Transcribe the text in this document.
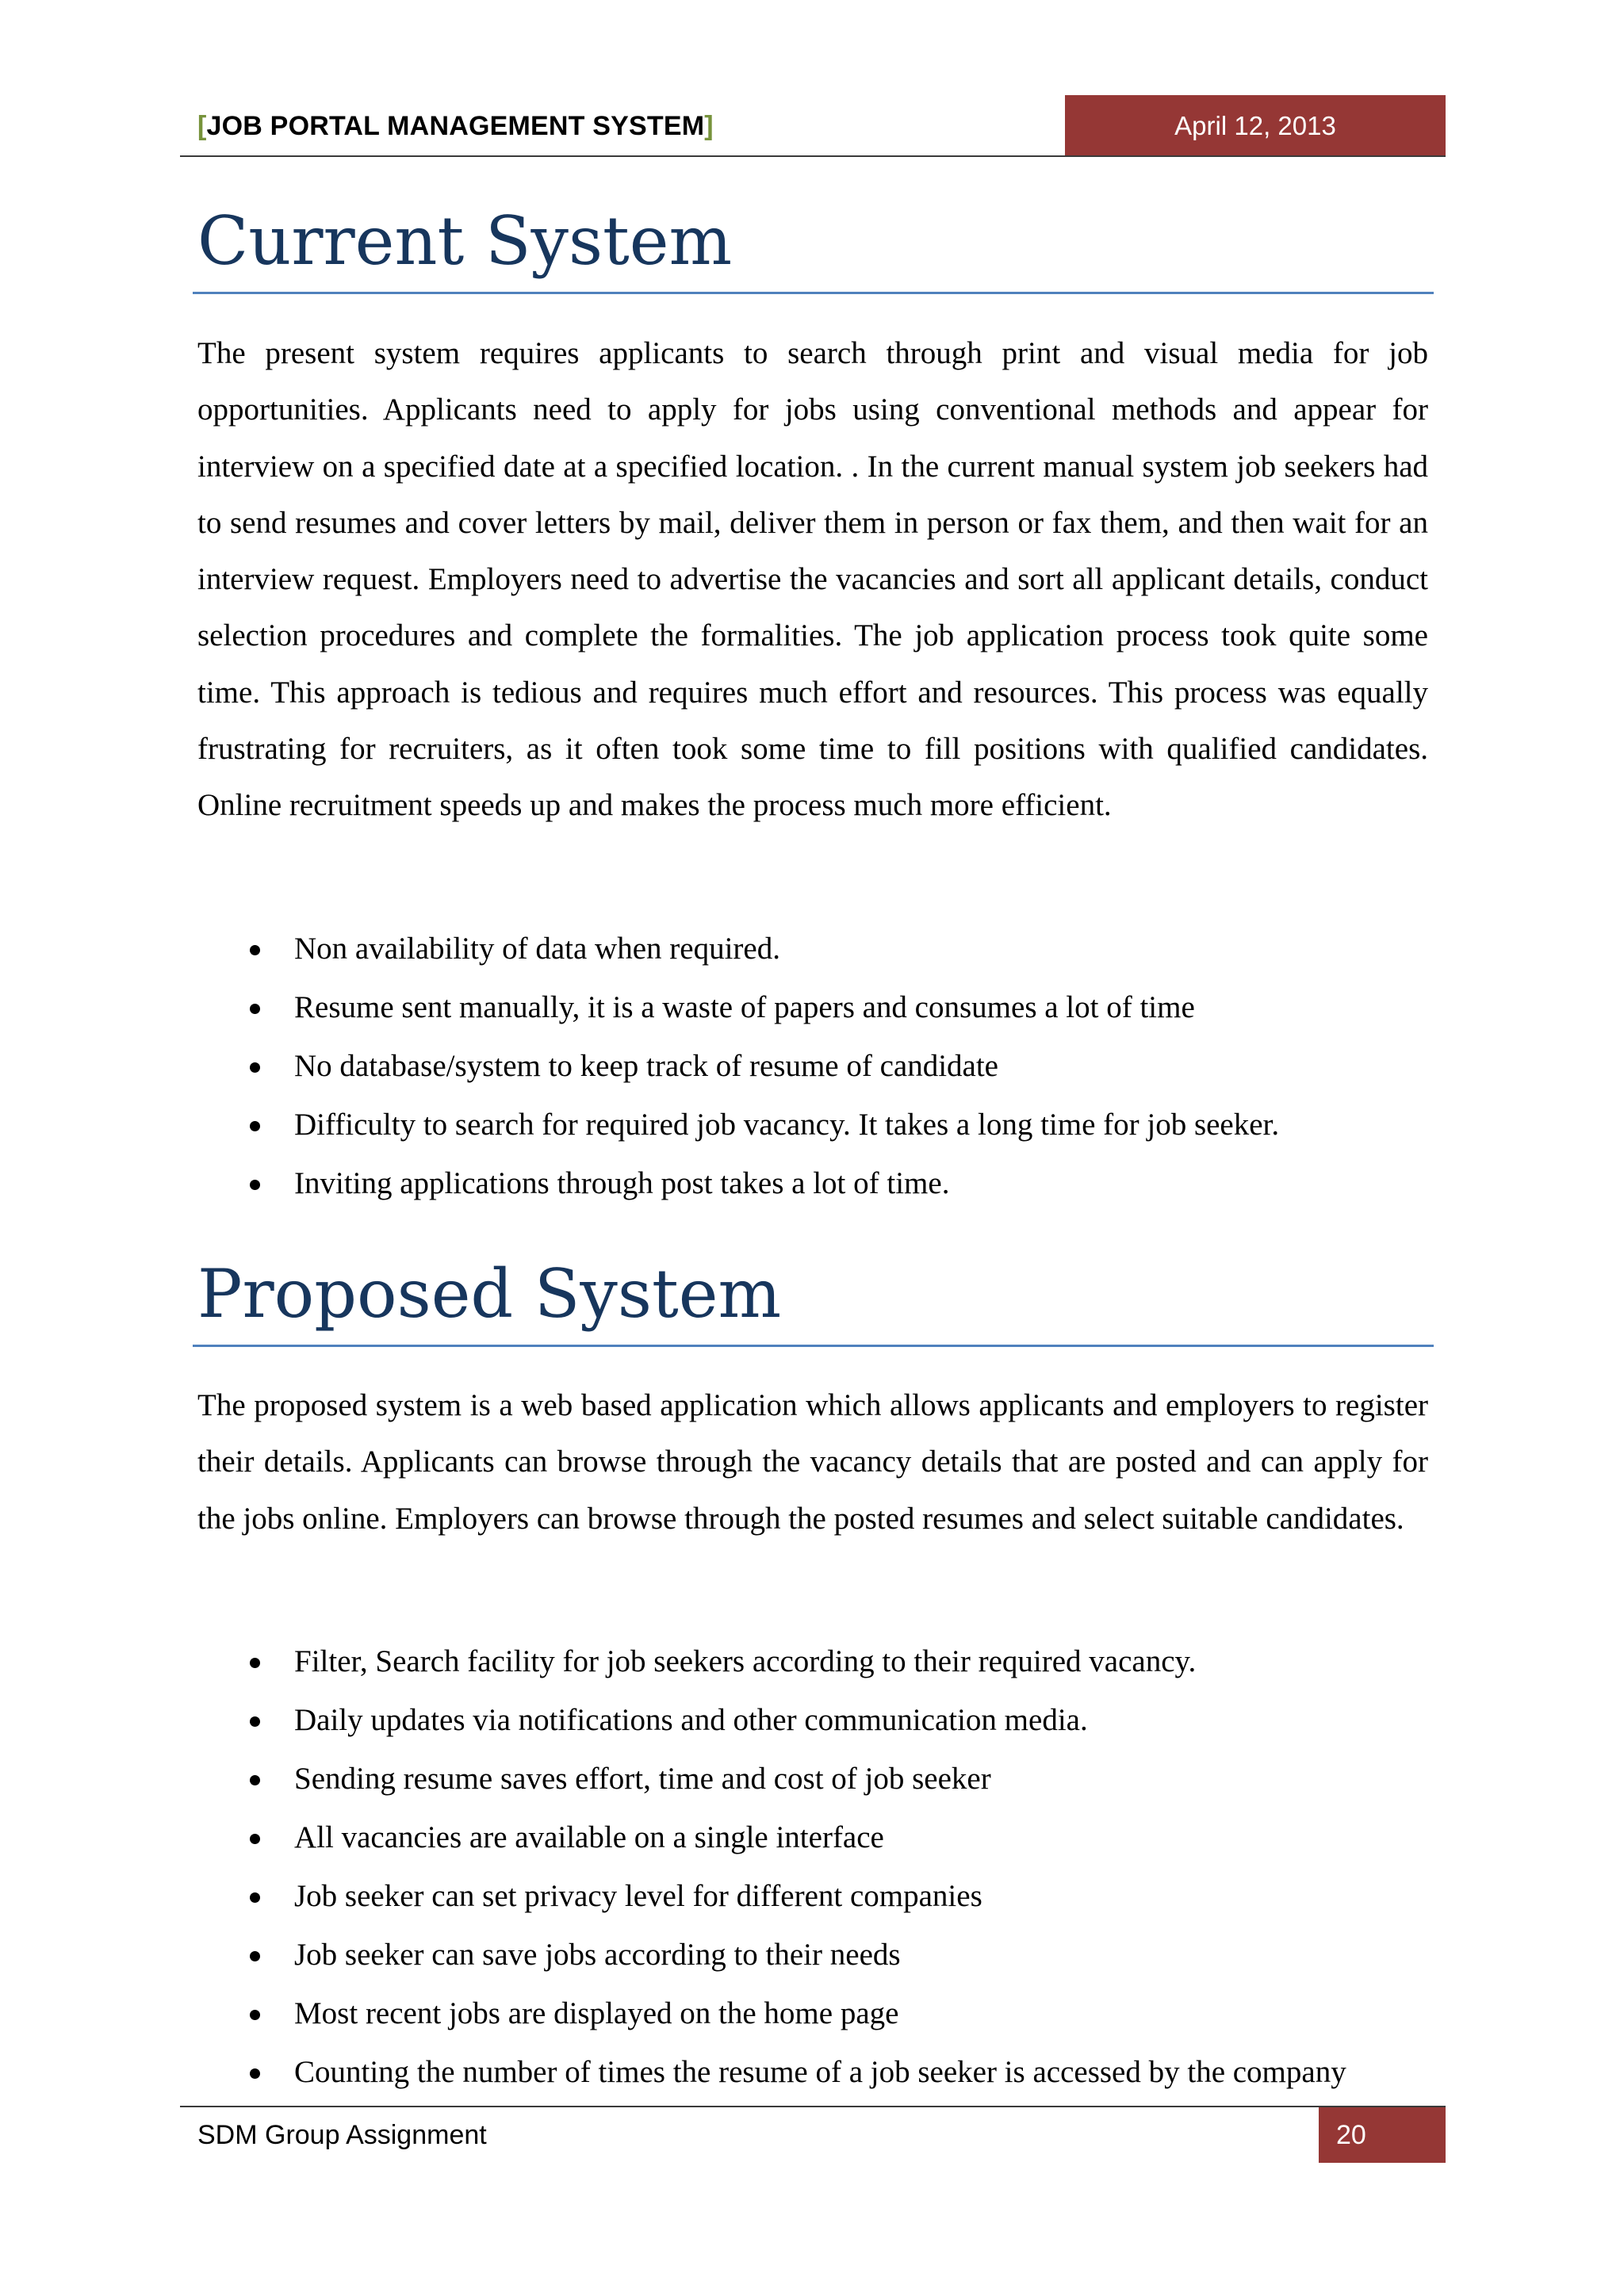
[JOB PORTAL MANAGEMENT SYSTEM]	April 12, 2013
Current System

The present system requires applicants to search through print and visual media for job opportunities. Applicants need to apply for jobs using conventional methods and appear for interview on a specified date at a specified location. . In the current manual system job seekers had to send resumes and cover letters by mail, deliver them in person or fax them, and then wait for an interview request. Employers need to advertise the vacancies and sort all applicant details, conduct selection procedures and complete the formalities. The job application process took quite some time. This approach is tedious and requires much effort and resources. This process was equally frustrating for recruiters, as it often took some time to fill positions with qualified candidates. Online recruitment speeds up and makes the process much more efficient.

Non availability of data when required.
Resume sent manually, it is a waste of papers and consumes a lot of time
No database/system to keep track of resume of candidate
Difficulty to search for required job vacancy. It takes a long time for job seeker.
Inviting applications through post takes a lot of time.
Proposed System

The proposed system is a web based application which allows applicants and employers to register their details. Applicants can browse through the vacancy details that are posted and can apply for the jobs online. Employers can browse through the posted resumes and select suitable candidates.

Filter, Search facility for job seekers according to their required vacancy.
Daily updates via notifications and other communication media.
Sending resume saves effort, time and cost of job seeker
All vacancies are available on a single interface
Job seeker can set privacy level for different companies
Job seeker can save jobs according to their needs
Most recent jobs are displayed on the home page
Counting the number of times the resume of a job seeker is accessed by the company
SDM Group Assignment	20
